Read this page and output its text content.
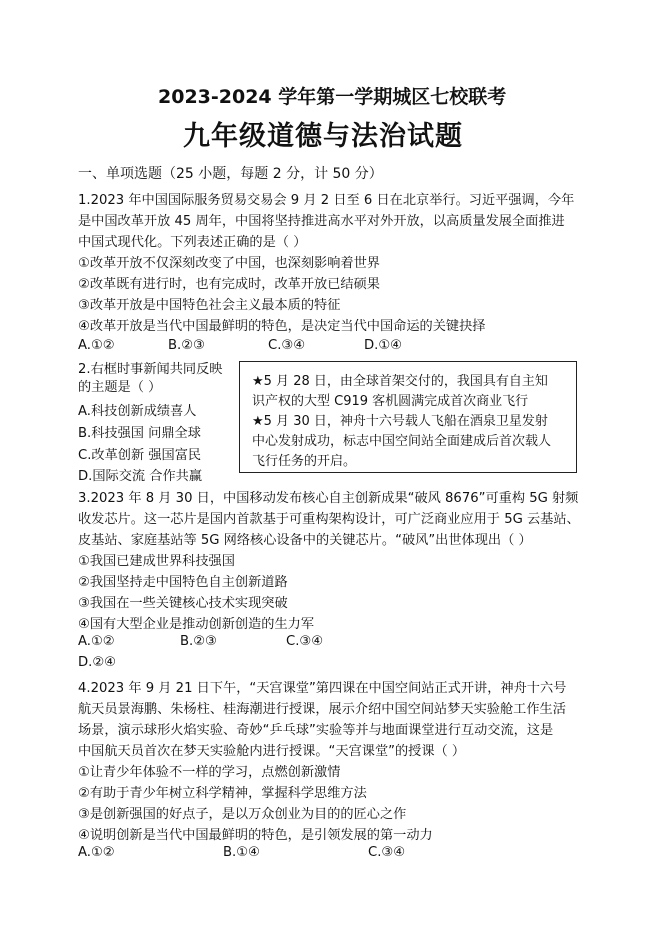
2023-2024 学年第一学期城区七校联考
九年级道德与法治试题
一、单项选题（25 小题，每题 2 分，计 50 分）
1.2023 年中国国际服务贸易交易会 9 月 2 日至 6 日在北京举行。习近平强调，今年
是中国改革开放 45 周年，中国将坚持推进高水平对外开放，以高质量发展全面推进
中国式现代化。下列表述正确的是（ ）
①改革开放不仅深刻改变了中国，也深刻影响着世界
②改革既有进行时，也有完成时，改革开放已结硕果
③改革开放是中国特色社会主义最本质的特征
④改革开放是当代中国最鲜明的特色，是决定当代中国命运的关键抉择
A.①②	B.②③	C.③④	D.①④
2.右框时事新闻共同反映
的主题是（ ）
A.科技创新成绩喜人
B.科技强国 问鼎全球
C.改革创新 强国富民
D.国际交流 合作共赢
★5 月 28 日，由全球首架交付的，我国具有自主知
识产权的大型 C919 客机圆满完成首次商业飞行
★5 月 30 日，神舟十六号载人飞船在酒泉卫星发射
中心发射成功，标志中国空间站全面建成后首次载人
飞行任务的开启。
3.2023 年 8 月 30 日，中国移动发布核心自主创新成果“破风 8676”可重构 5G 射频
收发芯片。这一芯片是国内首款基于可重构架构设计，可广泛商业应用于 5G 云基站、
皮基站、家庭基站等 5G 网络核心设备中的关键芯片。“破风”出世体现出（ ）
①我国已建成世界科技强国
②我国坚持走中国特色自主创新道路
③我国在一些关键核心技术实现突破
④国有大型企业是推动创新创造的生力军
A.①②	B.②③	C.③④
D.②④
4.2023 年 9 月 21 日下午，“天宫课堂”第四课在中国空间站正式开讲，神舟十六号
航天员景海鹏、朱杨柱、桂海潮进行授课，展示介绍中国空间站梦天实验舱工作生活
场景，演示球形火焰实验、奇妙“乒乓球”实验等并与地面课堂进行互动交流，这是
中国航天员首次在梦天实验舱内进行授课。“天宫课堂”的授课（ ）
①让青少年体验不一样的学习，点燃创新激情
②有助于青少年树立科学精神，掌握科学思维方法
③是创新强国的好点子，是以万众创业为目的的匠心之作
④说明创新是当代中国最鲜明的特色，是引领发展的第一动力
A.①②	B.①④	C.③④
